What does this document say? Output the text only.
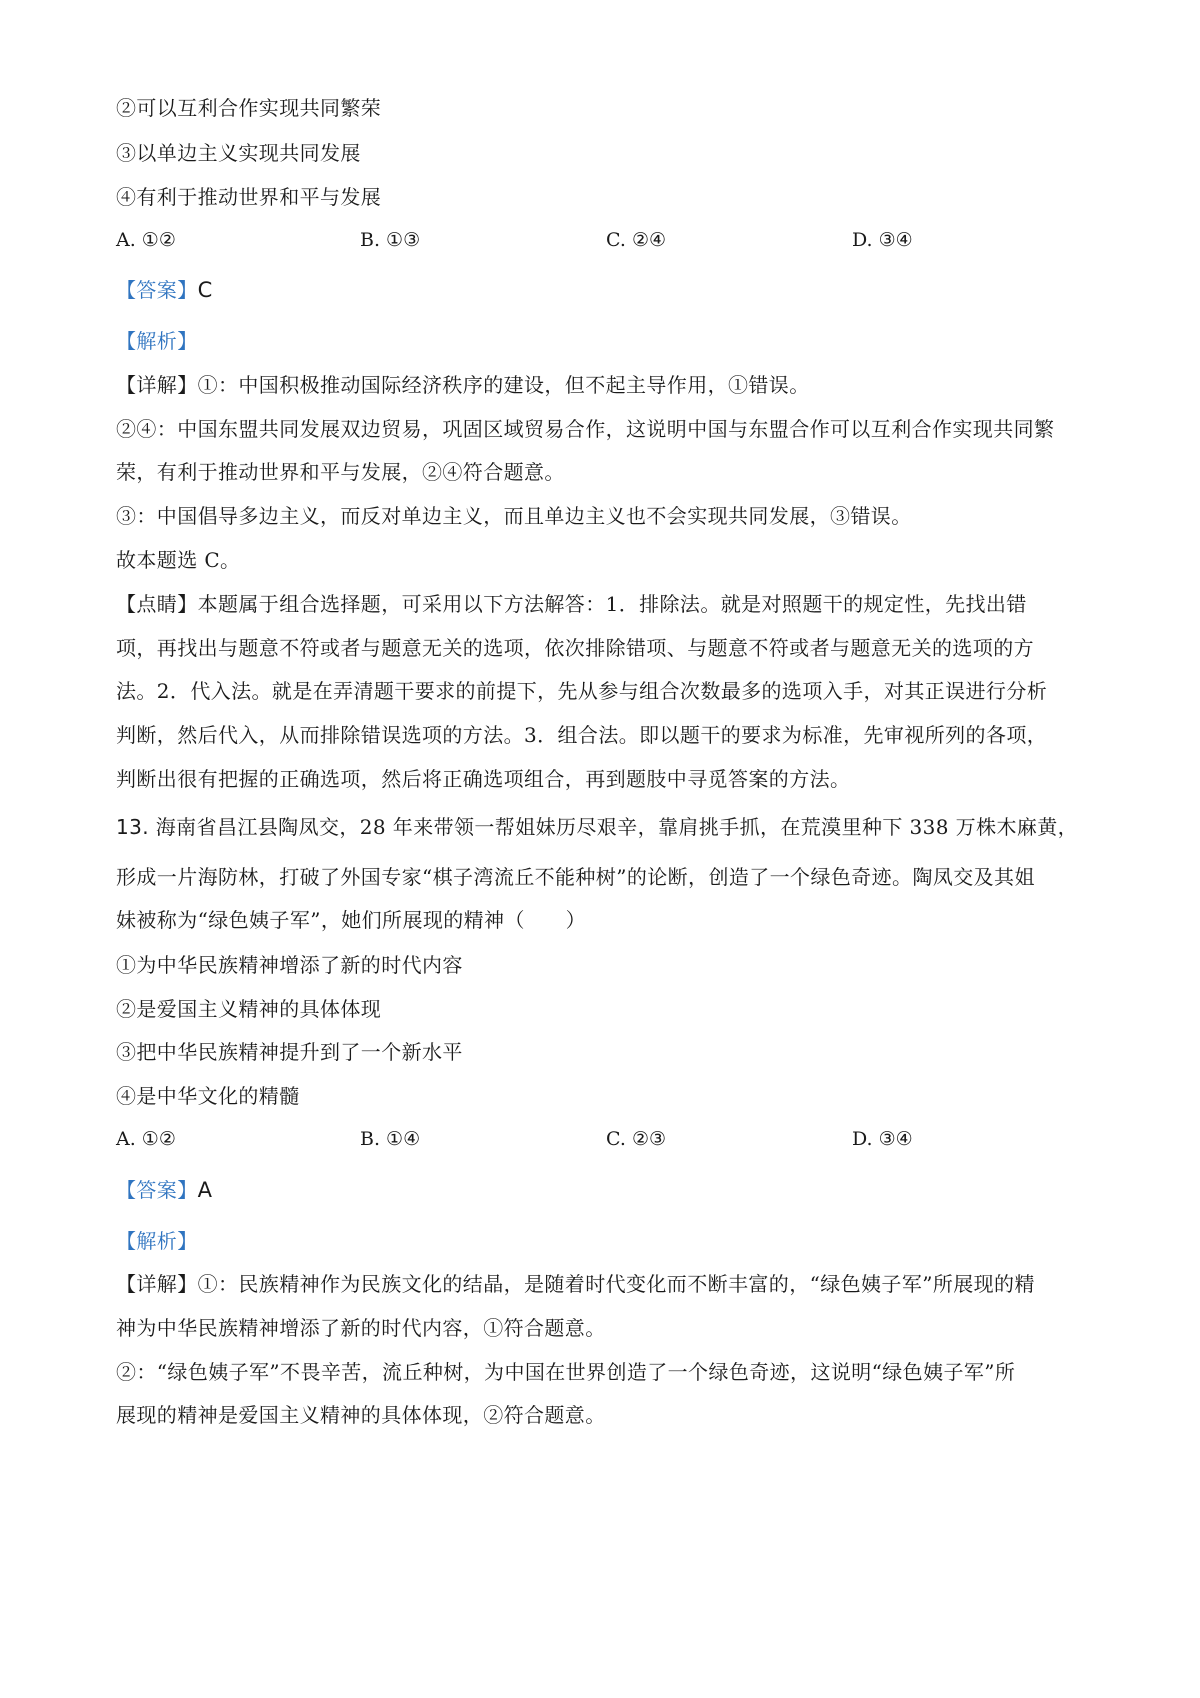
②可以互利合作实现共同繁荣
③以单边主义实现共同发展
④有利于推动世界和平与发展
A. ①②	B. ①③	C. ②④	D. ③④
【答案】C
【解析】
【详解】①：中国积极推动国际经济秩序的建设，但不起主导作用，①错误。
②④：中国东盟共同发展双边贸易，巩固区域贸易合作，这说明中国与东盟合作可以互利合作实现共同繁
荣，有利于推动世界和平与发展，②④符合题意。
③：中国倡导多边主义，而反对单边主义，而且单边主义也不会实现共同发展，③错误。
故本题选 C。
【点睛】本题属于组合选择题，可采用以下方法解答：1．排除法。就是对照题干的规定性，先找出错
项，再找出与题意不符或者与题意无关的选项，依次排除错项、与题意不符或者与题意无关的选项的方
法。2．代入法。就是在弄清题干要求的前提下，先从参与组合次数最多的选项入手，对其正误进行分析
判断，然后代入，从而排除错误选项的方法。3．组合法。即以题干的要求为标准，先审视所列的各项，
判断出很有把握的正确选项，然后将正确选项组合，再到题肢中寻觅答案的方法。
13. 海南省昌江县陶凤交，28 年来带领一帮姐妹历尽艰辛，靠肩挑手抓，在荒漠里种下 338 万株木麻黄，
形成一片海防林，打破了外国专家“棋子湾流丘不能种树”的论断，创造了一个绿色奇迹。陶凤交及其姐
妹被称为“绿色姨子军”，她们所展现的精神（　　）
①为中华民族精神增添了新的时代内容
②是爱国主义精神的具体体现
③把中华民族精神提升到了一个新水平
④是中华文化的精髓
A. ①②	B. ①④	C. ②③	D. ③④
【答案】A
【解析】
【详解】①：民族精神作为民族文化的结晶，是随着时代变化而不断丰富的，“绿色姨子军”所展现的精
神为中华民族精神增添了新的时代内容，①符合题意。
②：“绿色姨子军”不畏辛苦，流丘种树，为中国在世界创造了一个绿色奇迹，这说明“绿色姨子军”所
展现的精神是爱国主义精神的具体体现，②符合题意。
